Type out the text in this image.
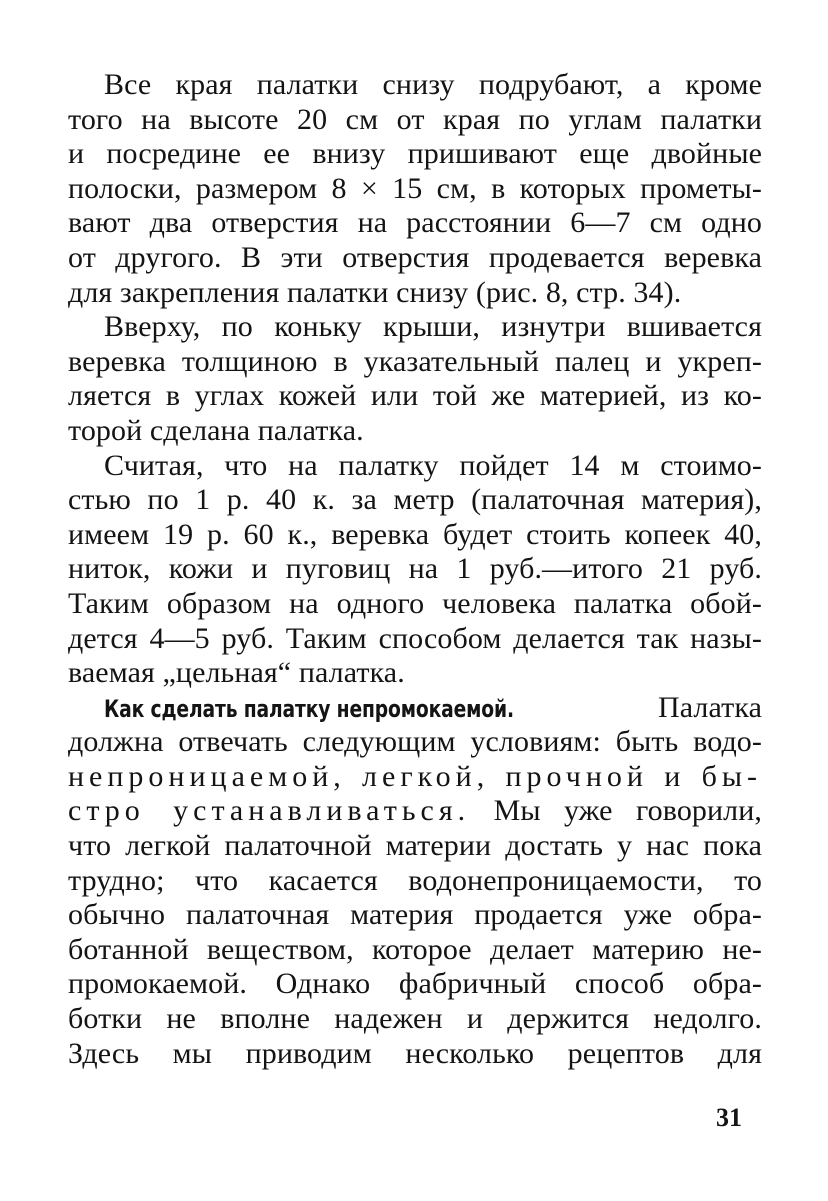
Все края палатки снизу подрубают, а кроме
того на высоте 20 см от края по углам палатки
и посредине ее внизу пришивают еще двойные
полоски, размером 8 × 15 см, в которых прометы-
вают два отверстия на расстоянии 6—7 см одно
от другого. В эти отверстия продевается веревка
для закрепления палатки снизу (рис. 8, стр. 34).
Вверху, по коньку крыши, изнутри вшивается
веревка толщиною в указательный палец и укреп-
ляется в углах кожей или той же материей, из ко-
торой сделана палатка.
Считая, что на палатку пойдет 14 м стоимо-
стью по 1 р. 40 к. за метр (палаточная материя),
имеем 19 р. 60 к., веревка будет стоить копеек 40,
ниток, кожи и пуговиц на 1 руб.—итого 21 руб.
Таким образом на одного человека палатка обой-
дется 4—5 руб. Таким способом делается так назы-
ваемая „цельная“ палатка.
Как сделать палатку непромокаемой.	Палатка
должна отвечать следующим условиям: быть водо-
непроницаемой, легкой, прочной и бы-
стро устанавливаться. Мы уже говорили,
что легкой палаточной материи достать у нас пока
трудно; что касается водонепроницаемости, то
обычно палаточная материя продается уже обра-
ботанной веществом, которое делает материю не-
промокаемой. Однако фабричный способ обра-
ботки не вполне надежен и держится недолго.
Здесь мы приводим несколько рецептов для
31
